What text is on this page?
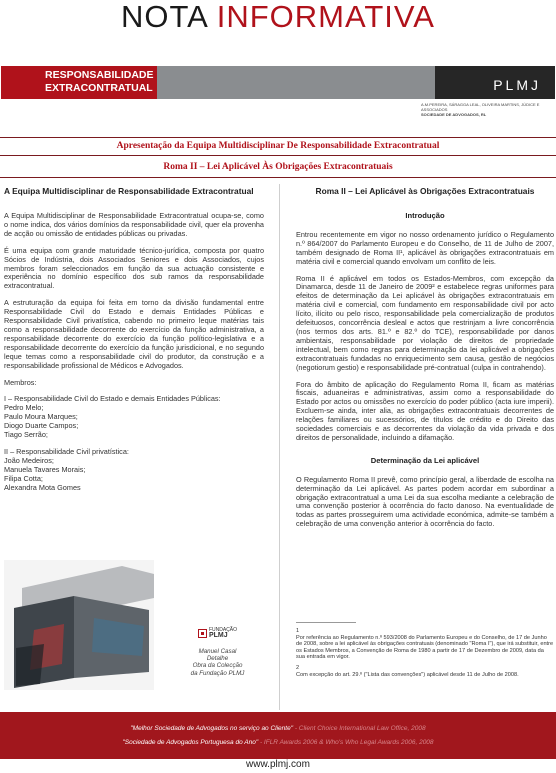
NOTA INFORMATIVA
RESPONSABILIDADE
EXTRACONTRATUAL	PLMJ
A.M.PEREIRA, SÁRAGGA LEAL, OLIVEIRA MARTINS, JÚDICE E ASSOCIADOS
SOCIEDADE DE ADVOGADOS, RL
Apresentação da Equipa Multidisciplinar De Responsabilidade Extracontratual
Roma II – Lei Aplicável Às Obrigações Extracontratuais
A Equipa Multidisciplinar de Responsabilidade Extracontratual

A Equipa Multidisciplinar de Responsabilidade Extracontratual ocupa-se, como o nome indica, dos vários domínios da responsabilidade civil, quer ela provenha de acção ou omissão de entidades públicas ou privadas.

É uma equipa com grande maturidade técnico-jurídica, composta por quatro Sócios de Indústria, dois Associados Seniores e dois Associados, cujos membros foram seleccionados em função da sua actuação consistente e experiência no domínio específico dos sub ramos da responsabilidade extracontratual.

A estruturação da equipa foi feita em torno da divisão fundamental entre Responsabilidade Civil do Estado e demais Entidades Públicas e Responsabilidade Civil privatística, cabendo no primeiro leque matérias tais como a responsabilidade decorrente do exercício da função administrativa, a responsabilidade decorrente do exercício da função político-legislativa e a responsabilidade decorrente do exercício da função jurisdicional, e no segundo leque temas como a responsabilidade civil do produtor, da construção e a responsabilidade profissional de Médicos e Advogados.

Membros:

I – Responsabilidade Civil do Estado e demais Entidades Públicas:
Pedro Melo;
Paulo Moura Marques;
Diogo Duarte Campos;
Tiago Serrão;
II – Responsabilidade Civil privatística:
João Medeiros;
Manuela Tavares Morais;
Filipa Cotta;
Alexandra Mota Gomes
FUNDAÇÃO
PLMJ
Manuel Casal
Detalhe
Obra da Colecção
da Fundação PLMJ
Roma II – Lei Aplicável às Obrigações Extracontratuais
Introdução

Entrou recentemente em vigor no nosso ordenamento jurídico o Regulamento n.º 864/2007 do Parlamento Europeu e do Conselho, de 11 de Julho de 2007, também designado de Roma II¹, aplicável às obrigações extracontratuais em matéria civil e comercial quando envolvam um conflito de leis.

Roma II é aplicável em todos os Estados-Membros, com excepção da Dinamarca, desde 11 de Janeiro de 2009² e estabelece regras uniformes para efeitos de determinação da Lei aplicável às obrigações extracontratuais em matéria civil e comercial, com fundamento em responsabilidade civil por acto lícito, ilícito ou pelo risco, responsabilidade pela comercialização de produtos defeituosos, concorrência desleal e actos que restrinjam a livre concorrência (nos termos dos arts. 81.º e 82.º do TCE), responsabilidade por danos ambientais, responsabilidade por violação de direitos de propriedade intelectual, bem como regras para determinação da lei aplicável a obrigações extracontratuais fundadas no enriquecimento sem causa, gestão de negócios (negotiorum gestio) e responsabilidade pré-contratual (culpa in contrahendo).

Fora do âmbito de aplicação do Regulamento Roma II, ficam as matérias fiscais, aduaneiras e administrativas, assim como a responsabilidade do Estado por actos ou omissões no exercício do poder público (acta iure imperii). Excluem-se ainda, inter alia, as obrigações extracontratuais decorrentes de relações familiares ou sucessórios, de títulos de crédito e do Direito das sociedades comerciais e as decorrentes da violação da vida privada e dos direitos de personalidade, incluindo a difamação.

Determinação da Lei aplicável

O Regulamento Roma II prevê, como princípio geral, a liberdade de escolha na determinação da Lei aplicável. As partes podem acordar em subordinar a obrigação extracontratual a uma Lei da sua escolha mediante a celebração de uma convenção posterior à ocorrência do facto danoso. Na eventualidade de todas as partes prosseguirem uma actividade económica, admite-se também a celebração de uma convenção anterior à ocorrência do facto.

1
Por referência ao Regulamento n.º 593/2008 do Parlamento Europeu e do Conselho, de 17 de Junho de 2008, sobre a lei aplicável às obrigações contratuais (denominado "Roma I"), que irá substituir, entre os Estados Membros, a Convenção de Roma de 1980 a partir de 17 de Dezembro de 2009, data da sua entrada em vigor.
2
Com excepção do art. 29.º ("Lista das convenções") aplicável desde 11 de Julho de 2008.
"Melhor Sociedade de Advogados no serviço ao Cliente" - Client Choice International Law Office, 2008
"Sociedade de Advogados Portuguesa do Ano" - IFLR Awards 2006 & Who's Who Legal Awards 2006, 2008
www.plmj.com
